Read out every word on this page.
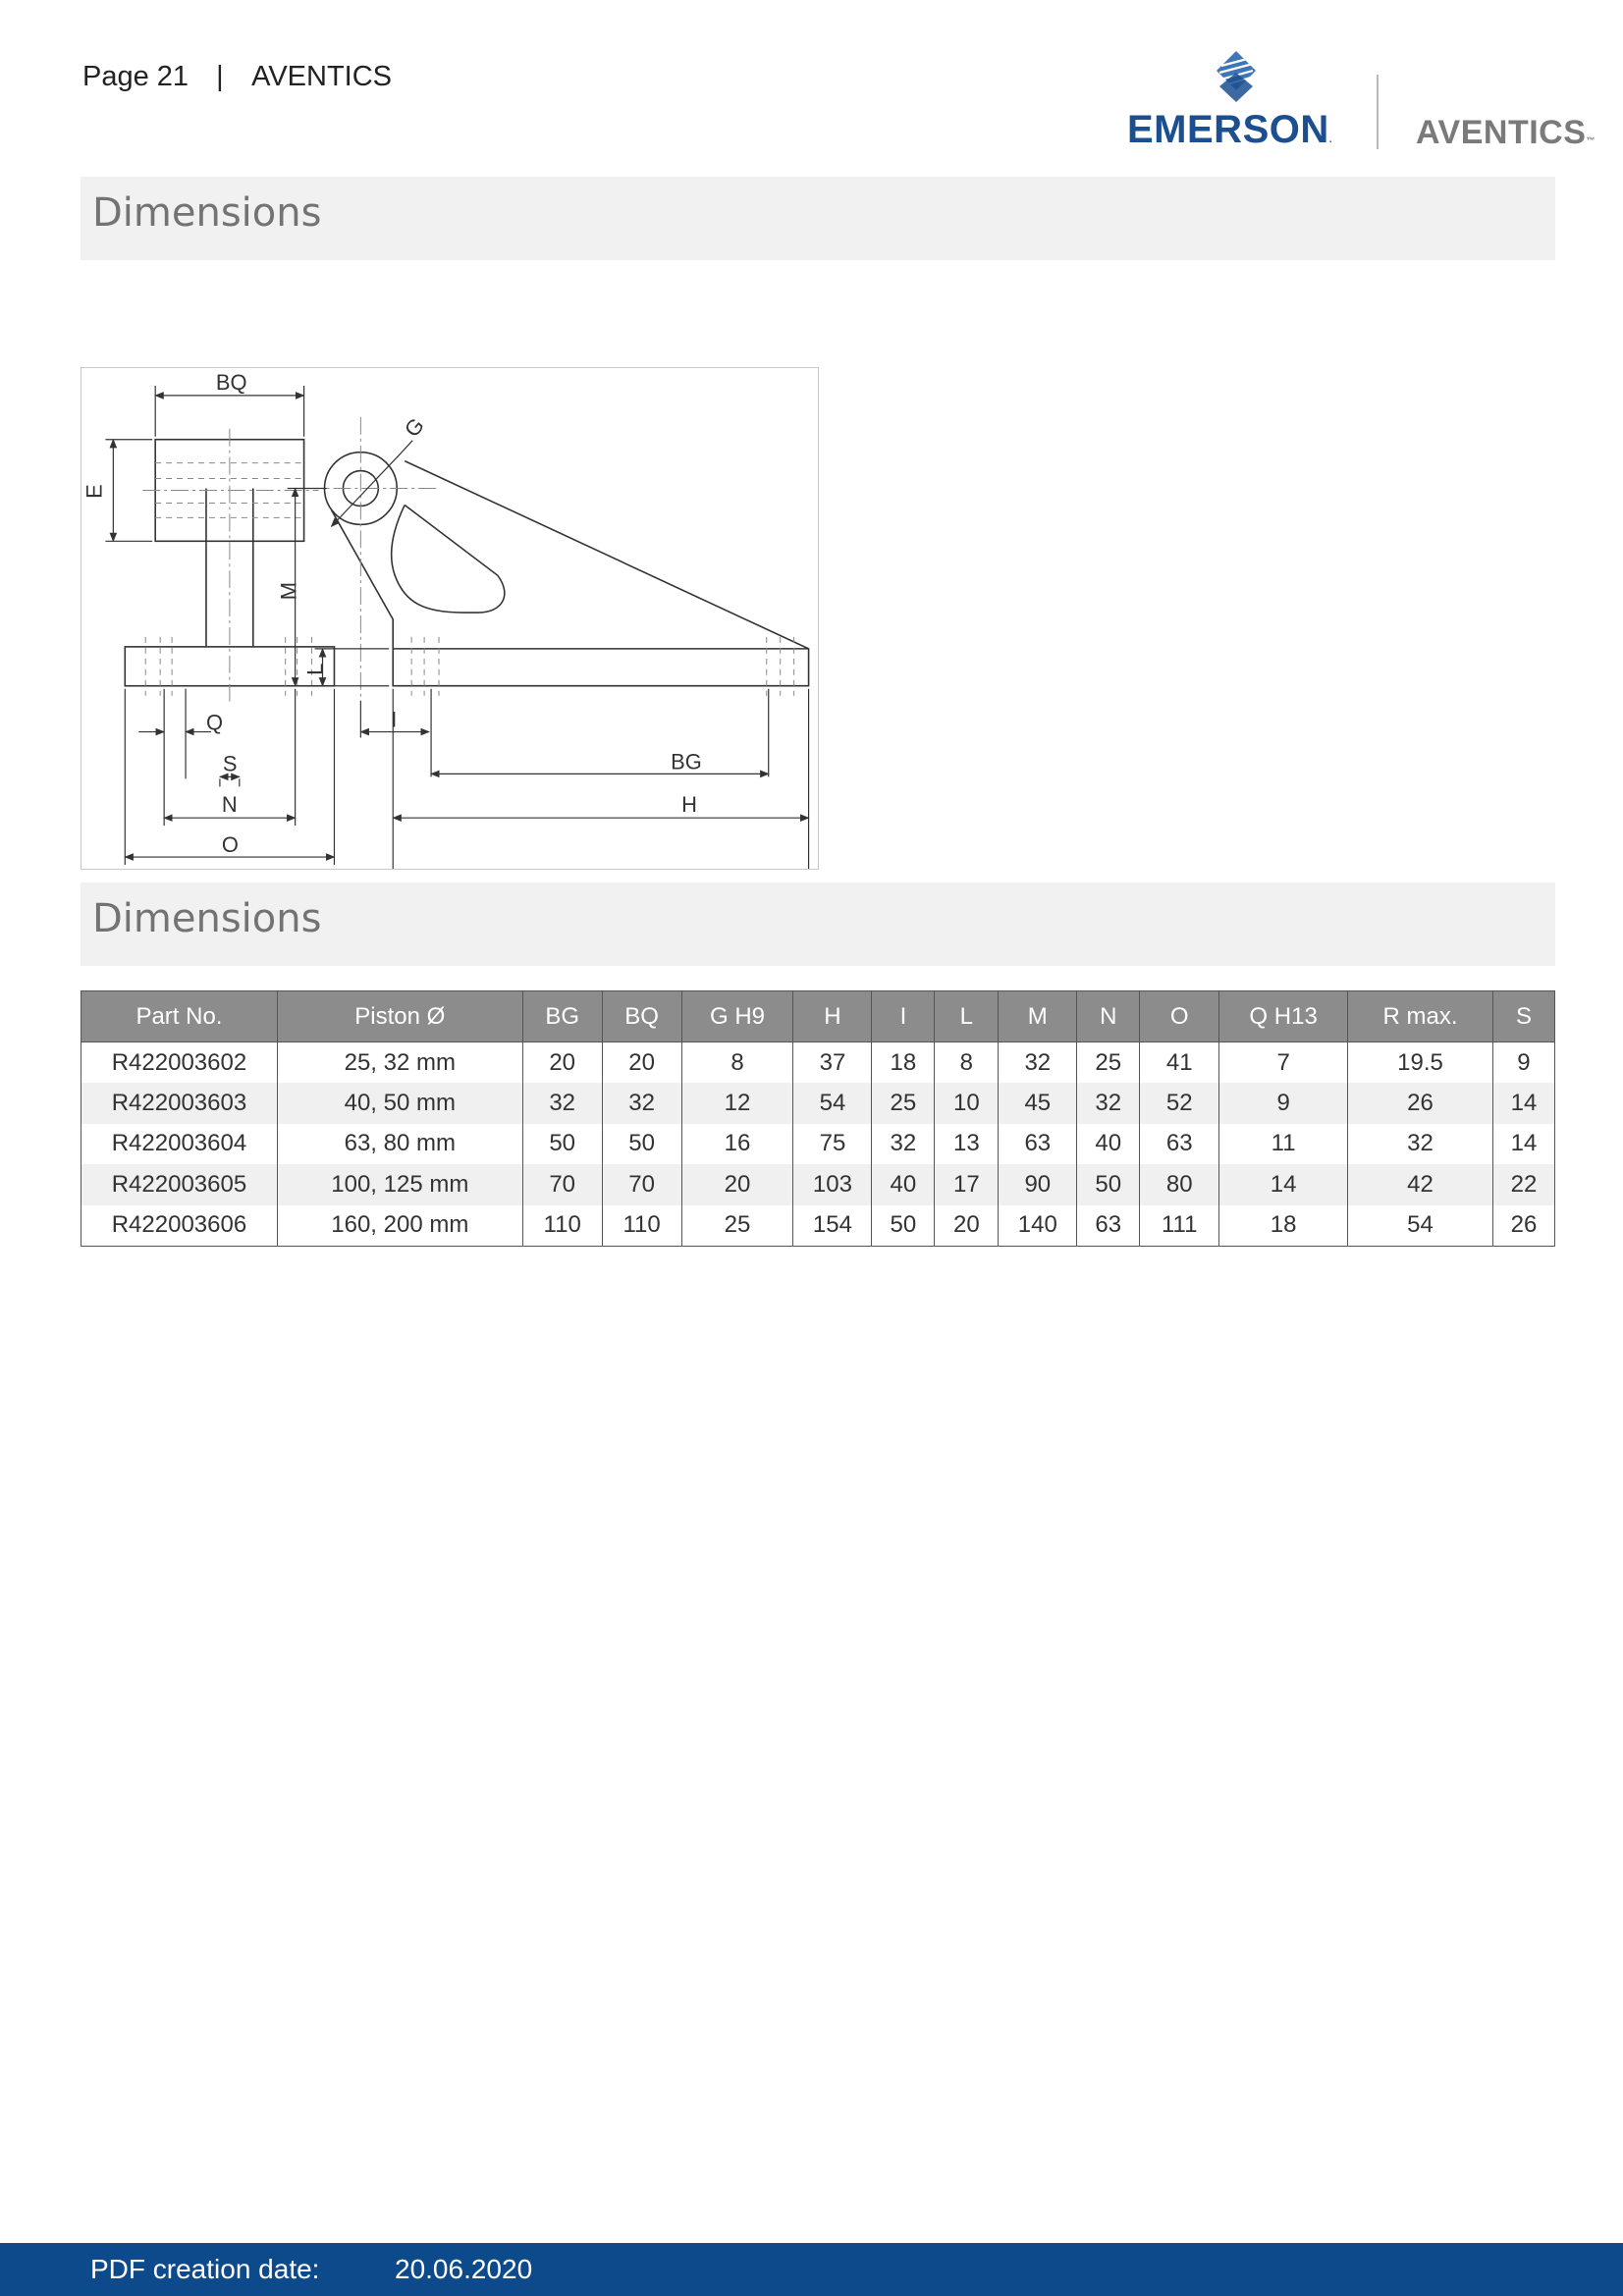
Page 21 | AVENTICS
EMERSON. AVENTICS™
Dimensions
BQ
E
Q
S
N
O
G
M
L
I
BG
H
Dimensions
Part No.	Piston Ø	BG	BQ	G H9	H	I	L	M	N	O	Q H13	R max.	S
R422003602	25, 32 mm	20	20	8	37	18	8	32	25	41	7	19.5	9
R422003603	40, 50 mm	32	32	12	54	25	10	45	32	52	9	26	14
R422003604	63, 80 mm	50	50	16	75	32	13	63	40	63	11	32	14
R422003605	100, 125 mm	70	70	20	103	40	17	90	50	80	14	42	22
R422003606	160, 200 mm	110	110	25	154	50	20	140	63	111	18	54	26
PDF creation date:	20.06.2020
